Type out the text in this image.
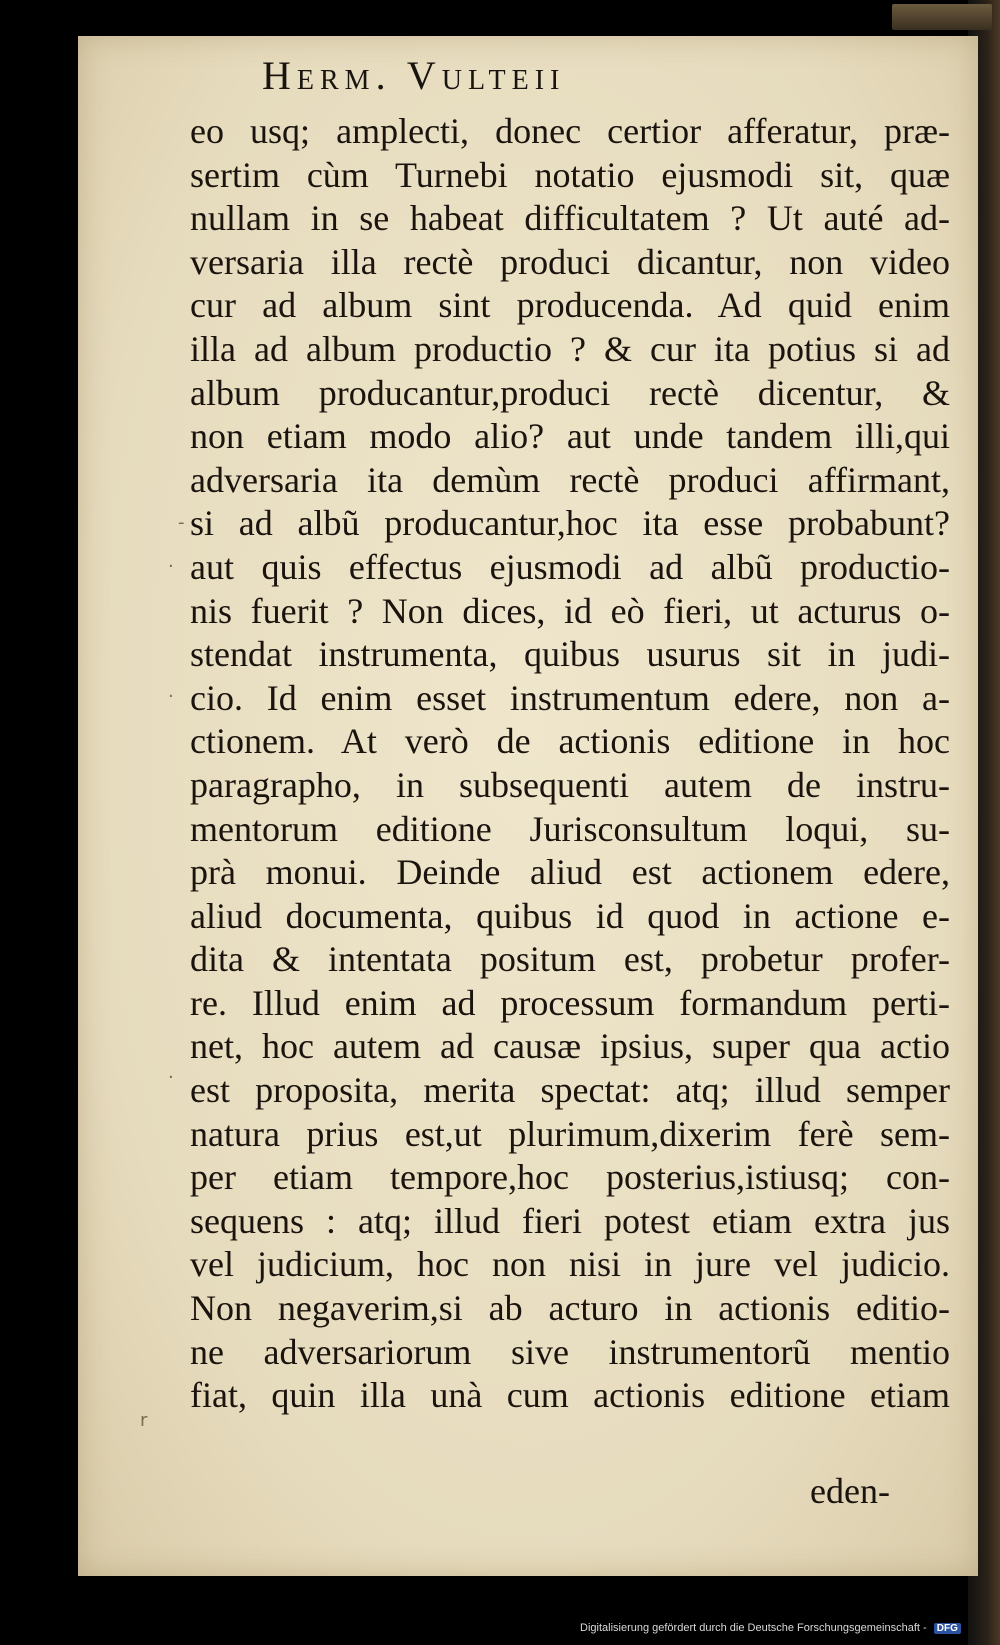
Herm. Vulteii
eo usq; amplecti, donec certior afferatur, præ-
sertim cùm Turnebi notatio ejusmodi sit, quæ
nullam in se habeat difficultatem ? Ut auté ad-
versaria illa rectè produci dicantur, non video
cur ad album sint producenda. Ad quid enim
illa ad album productio ? & cur ita potius si ad
album producantur,produci rectè dicentur, &
non etiam modo alio? aut unde tandem illi,qui
adversaria ita demùm rectè produci affirmant,
si ad albũ producantur,hoc ita esse probabunt?
aut quis effectus ejusmodi ad albũ productio-
nis fuerit ? Non dices, id eò fieri, ut acturus o-
stendat instrumenta, quibus usurus sit in judi-
cio. Id enim esset instrumentum edere, non a-
ctionem. At verò de actionis editione in hoc
paragrapho, in subsequenti autem de instru-
mentorum editione Jurisconsultum loqui, su-
prà monui. Deinde aliud est actionem edere,
aliud documenta, quibus id quod in actione e-
dita & intentata positum est, probetur profer-
re. Illud enim ad processum formandum perti-
net, hoc autem ad causæ ipsius, super qua actio
est proposita, merita spectat: atq; illud semper
natura prius est,ut plurimum,dixerim ferè sem-
per etiam tempore,hoc posterius,istiusq; con-
sequens : atq; illud fieri potest etiam extra jus
vel judicium, hoc non nisi in jure vel judicio.
Non negaverim,si ab acturo in actionis editio-
ne adversariorum sive instrumentorũ mentio
fiat, quin illa unà cum actionis editione etiam
eden-
-
·
·
·
r
Digitalisierung gefördert durch die Deutsche Forschungsgemeinschaft - DFG
